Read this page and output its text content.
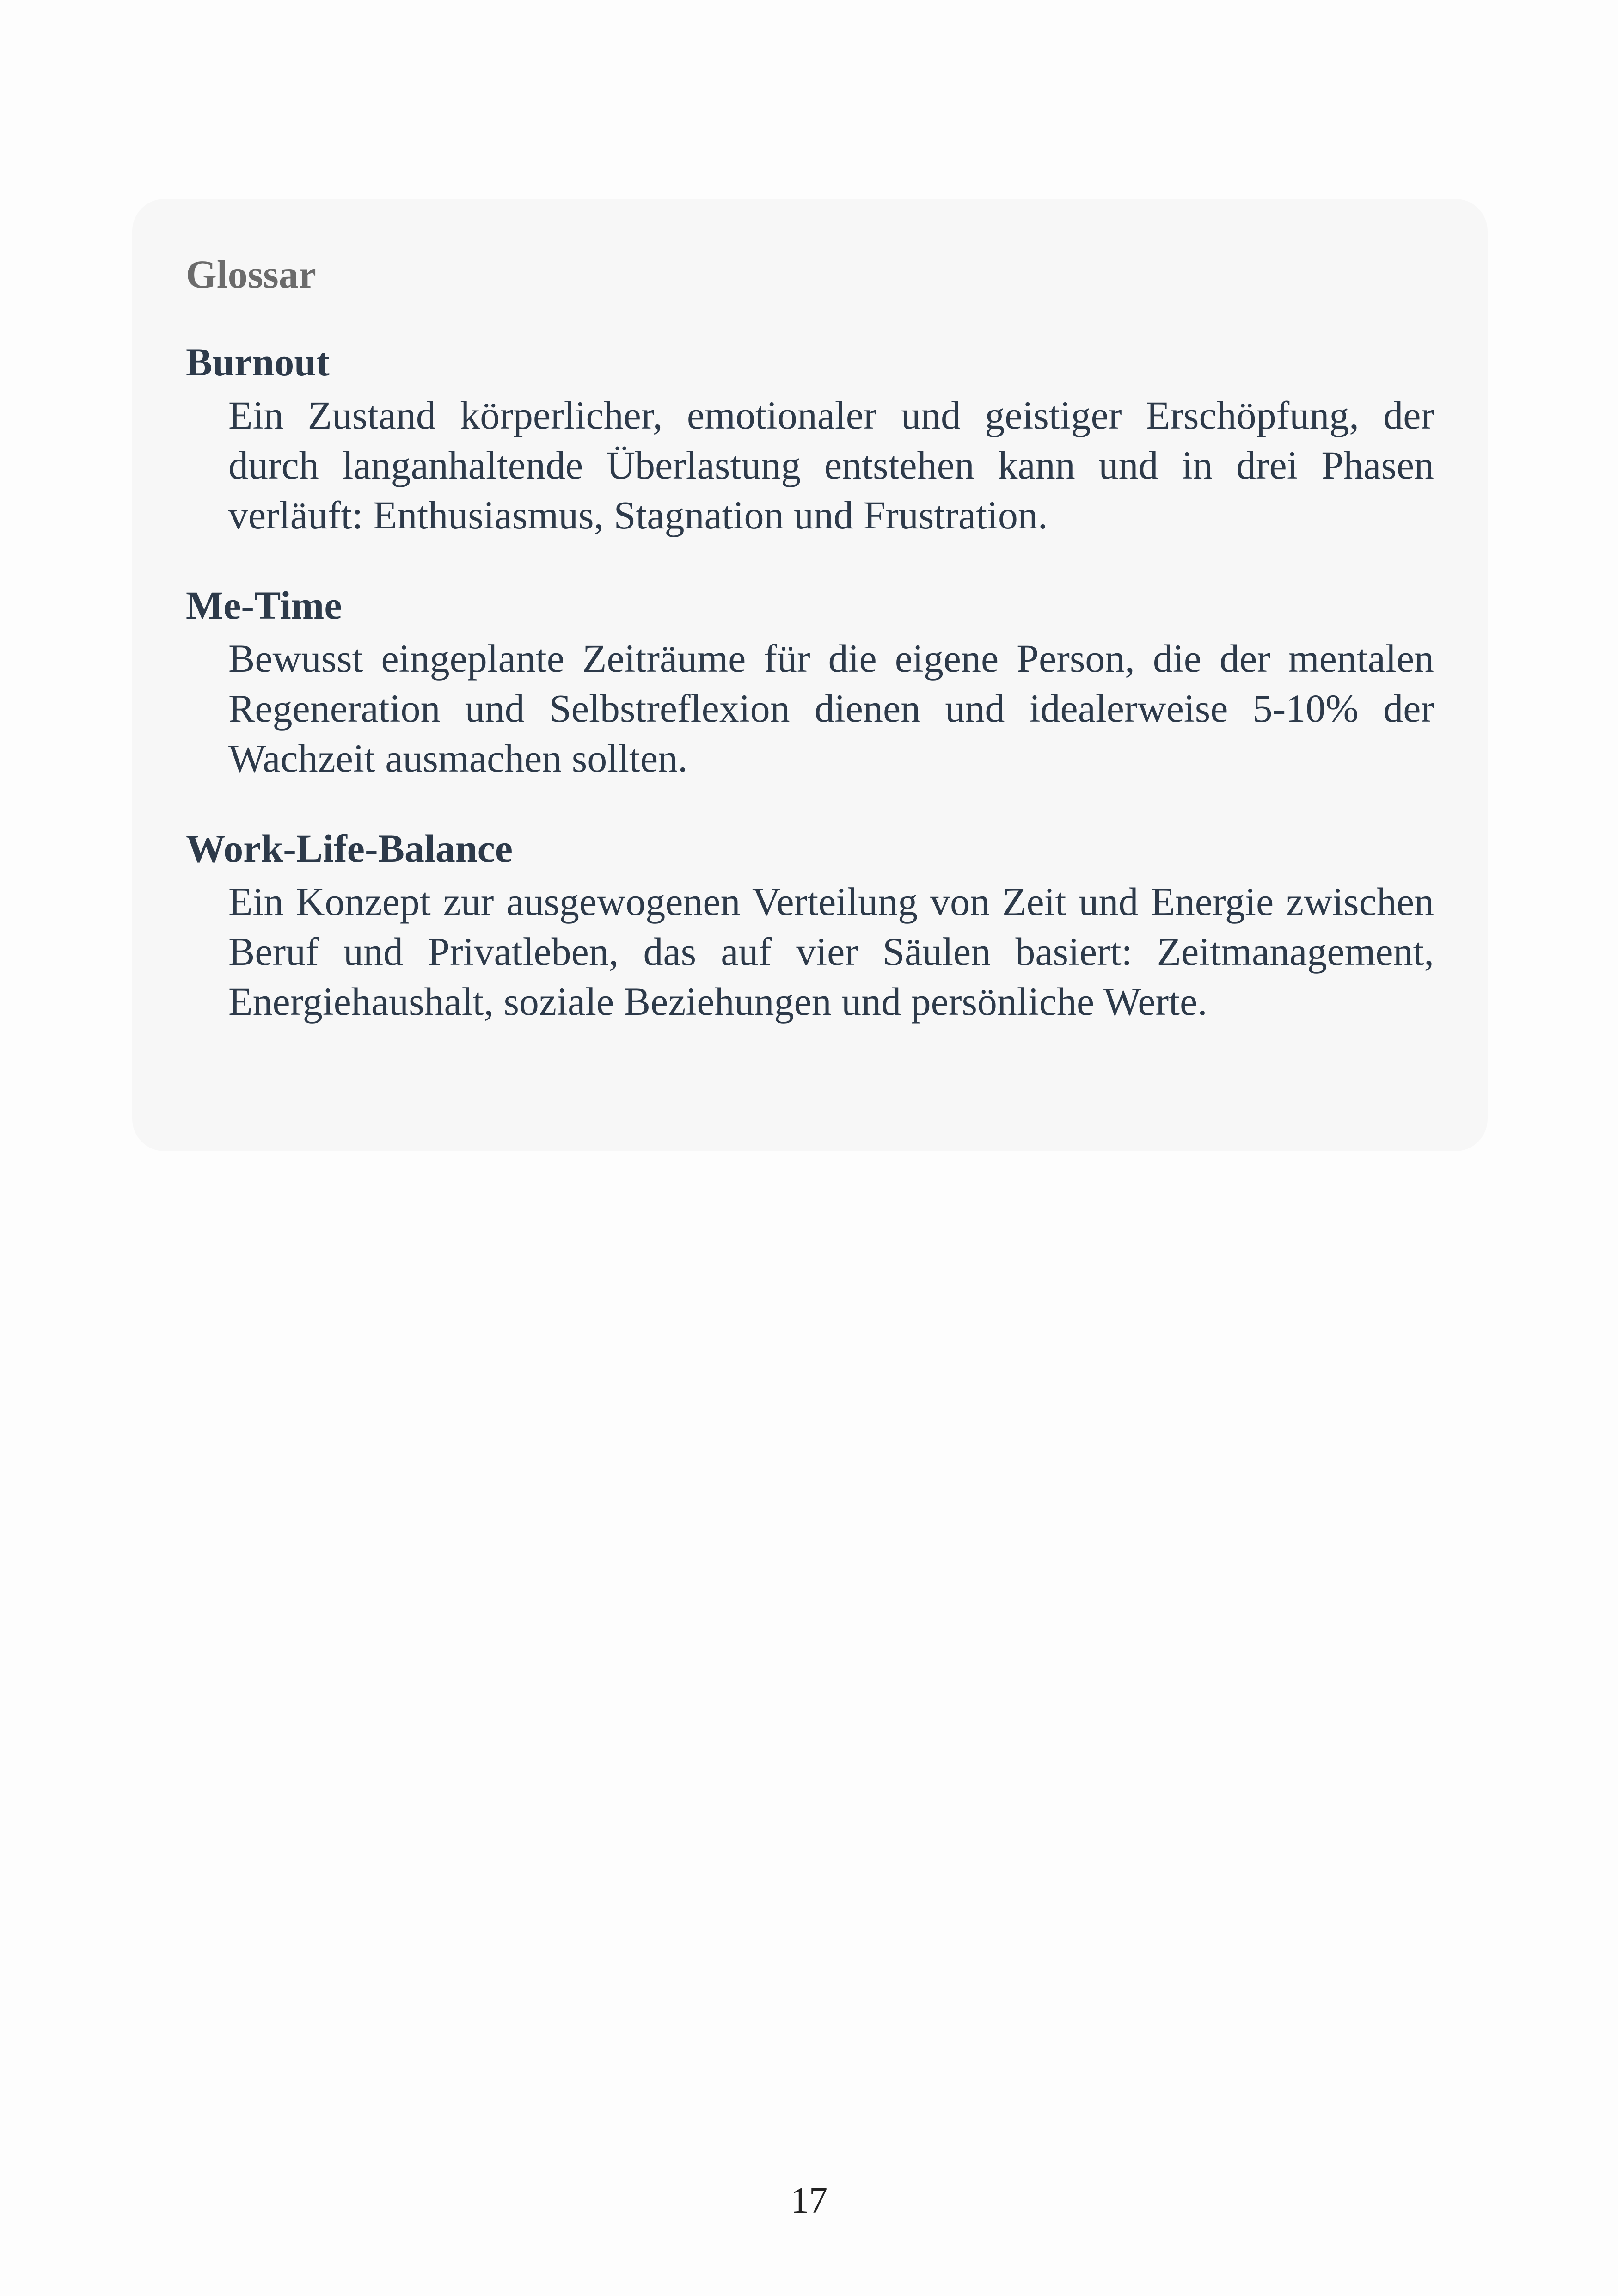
Glossar
Burnout
Ein Zustand körperlicher, emotionaler und geistiger Erschöpfung, der durch langanhaltende Überlastung entstehen kann und in drei Phasen verläuft: Enthusiasmus, Stagnation und Frustration.
Me-Time
Bewusst eingeplante Zeiträume für die eigene Person, die der mentalen Regeneration und Selbstreflexion dienen und idealerweise 5-10% der Wachzeit ausmachen sollten.
Work-Life-Balance
Ein Konzept zur ausgewogenen Verteilung von Zeit und Energie zwischen Beruf und Privatleben, das auf vier Säulen basiert: Zeitmanagement, Energiehaushalt, soziale Beziehungen und persönliche Werte.
17
